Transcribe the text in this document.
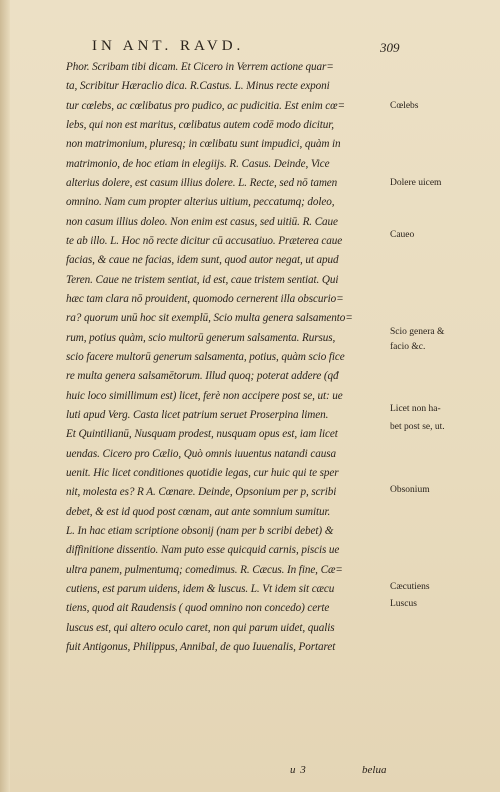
IN ANT. RAVD.	309
Phor. Scribam tibi dicam. Et Cicero in Verrem actione quar=
ta, Scribitur Hæraclio dica. R.Castus. L. Minus recte exponi
tur cœlebs, ac cœlibatus pro pudico, ac pudicitia. Est enim cœ=
lebs, qui non est maritus, cœlibatus autem codē modo dicitur,
non matrimonium, pluresq; in cœlibatu sunt impudici, quàm in
matrimonio, de hoc etiam in elegiijs. R. Casus. Deinde, Vice
alterius dolere, est casum illius dolere. L. Recte, sed nō tamen
omnino. Nam cum propter alterius uitium, peccatumq; doleo,
non casum illius doleo. Non enim est casus, sed uitiū. R. Caue
te ab illo. L. Hoc nō recte dicitur cū accusatiuo. Præterea caue
facias, & caue ne facias, idem sunt, quod autor negat, ut apud
Teren. Caue ne tristem sentiat, id est, caue tristem sentiat. Qui
hæc tam clara nō prouident, quomodo cernerent illa obscurio=
ra? quorum unū hoc sit exemplū, Scio multa genera salsamento=
rum, potius quàm, scio multorū generum salsamenta. Rursus,
scio facere multorū generum salsamenta, potius, quàm scio fice
re multa genera salsamētorum. Illud quoq; poterat addere (qđ
huic loco simillimum est) licet, ferè non accipere post se, ut: ue
luti apud Verg. Casta licet patrium seruet Proserpina limen.
Et Quintilianū, Nusquam prodest, nusquam opus est, iam licet
uendas. Cicero pro Cælio, Quò omnis iuuentus natandi causa
uenit. Hic licet conditiones quotidie legas, cur huic qui te sper
nit, molesta es? R A. Cœnare. Deinde, Opsonium per p, scribi
debet, & est id quod post cœnam, aut ante somnium sumitur.
L. In hac etiam scriptione obsonij (nam per b scribi debet) &
diffinitione dissentio. Nam puto esse quicquid carnis, piscis ue
ultra panem, pulmentumq; comedimus. R. Cæcus. In fine, Cæ=
cutiens, est parum uidens, idem & luscus. L. Vt idem sit cæcu
tiens, quod ait Raudensis ( quod omnino non concedo) certe
luscus est, qui altero oculo caret, non qui parum uidet, qualis
fuit Antigonus, Philippus, Annibal, de quo Iuuenalis, Portaret
Cœlebs
Dolere uicem
Caueo
Scio genera &
facio &c.
Licet non ha-
bet post se, ut.
Obsonium
Cæcutiens
Luscus
u 3	belua
